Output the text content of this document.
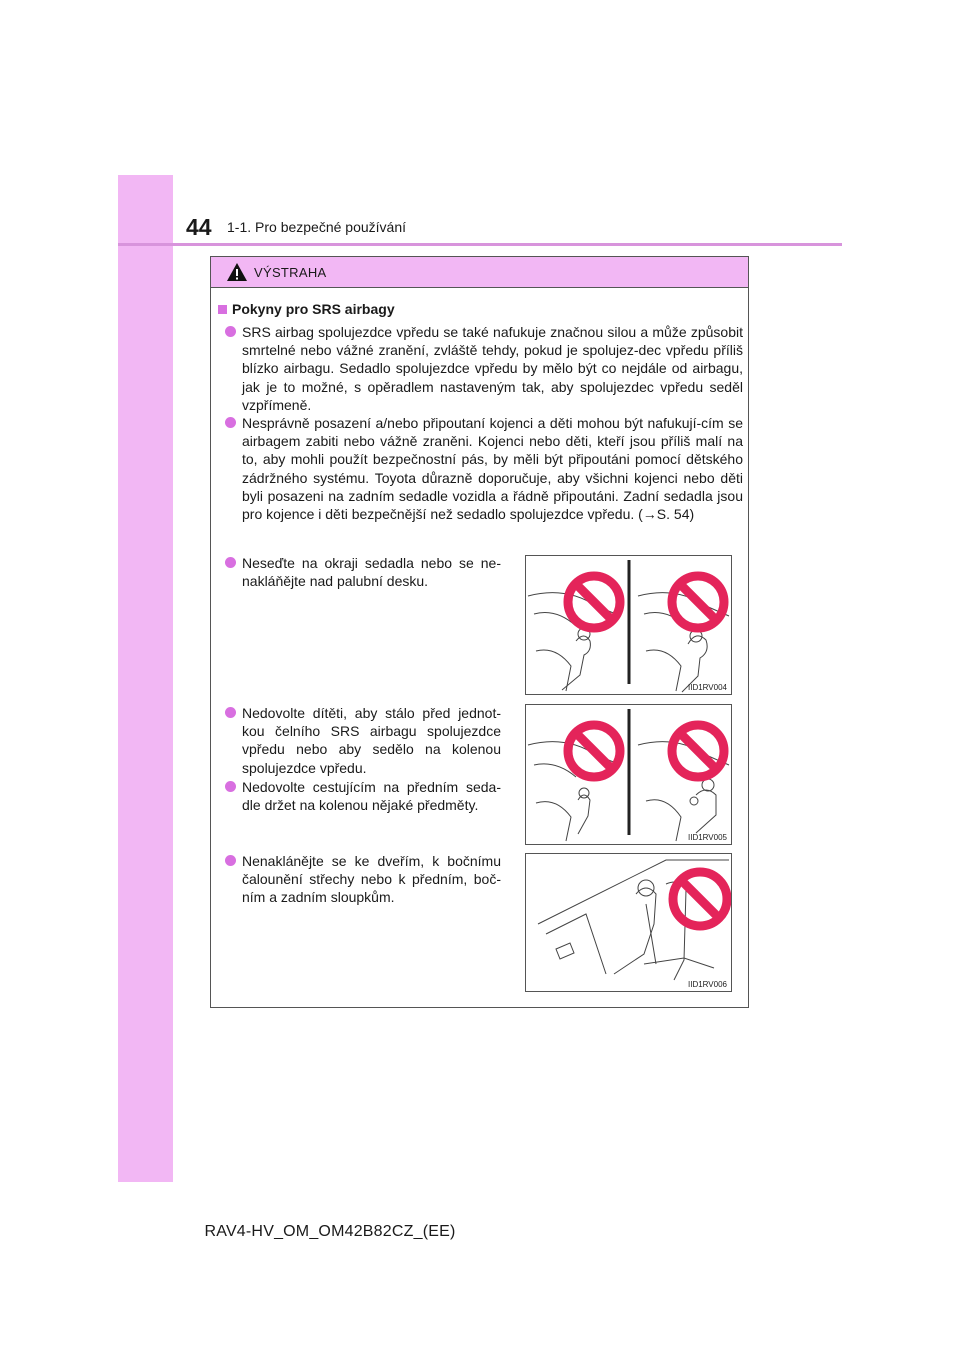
44 1-1. Pro bezpečné používání
VÝSTRAHA
Pokyny pro SRS airbagy
SRS airbag spolujezdce vpředu se také nafukuje značnou silou a může způsobit smrtelné nebo vážné zranění, zvláště tehdy, pokud je spolujez-dec vpředu příliš blízko airbagu. Sedadlo spolujezdce vpředu by mělo být co nejdále od airbagu, jak je to možné, s opěradlem nastaveným tak, aby spolujezdec vpředu seděl vzpřímeně.
Nesprávně posazení a/nebo připoutaní kojenci a děti mohou být nafukují-cím se airbagem zabiti nebo vážně zraněni. Kojenci nebo děti, kteří jsou příliš malí na to, aby mohli použít bezpečnostní pás, by měli být připoutáni pomocí dětského zádržného systému. Toyota důrazně doporučuje, aby všichni kojenci nebo děti byli posazeni na zadním sedadle vozidla a řádně připoutáni. Zadní sedadla jsou pro kojence i děti bezpečnější než sedadlo spolujezdce vpředu. (→S. 54)
Neseďte na okraji sedadla nebo se ne-nakláňějte nad palubní desku.
Nedovolte dítěti, aby stálo před jednot-kou čelního SRS airbagu spolujezdce vpředu nebo aby sedělo na kolenou spolujezdce vpředu.
Nedovolte cestujícím na předním seda-dle držet na kolenou nějaké předměty.
Nenaklánějte se ke dveřím, k bočnímu čalounění střechy nebo k předním, boč-ním a zadním sloupkům.
IID1RV004
IID1RV005
IID1RV006
RAV4-HV_OM_OM42B82CZ_(EE)
